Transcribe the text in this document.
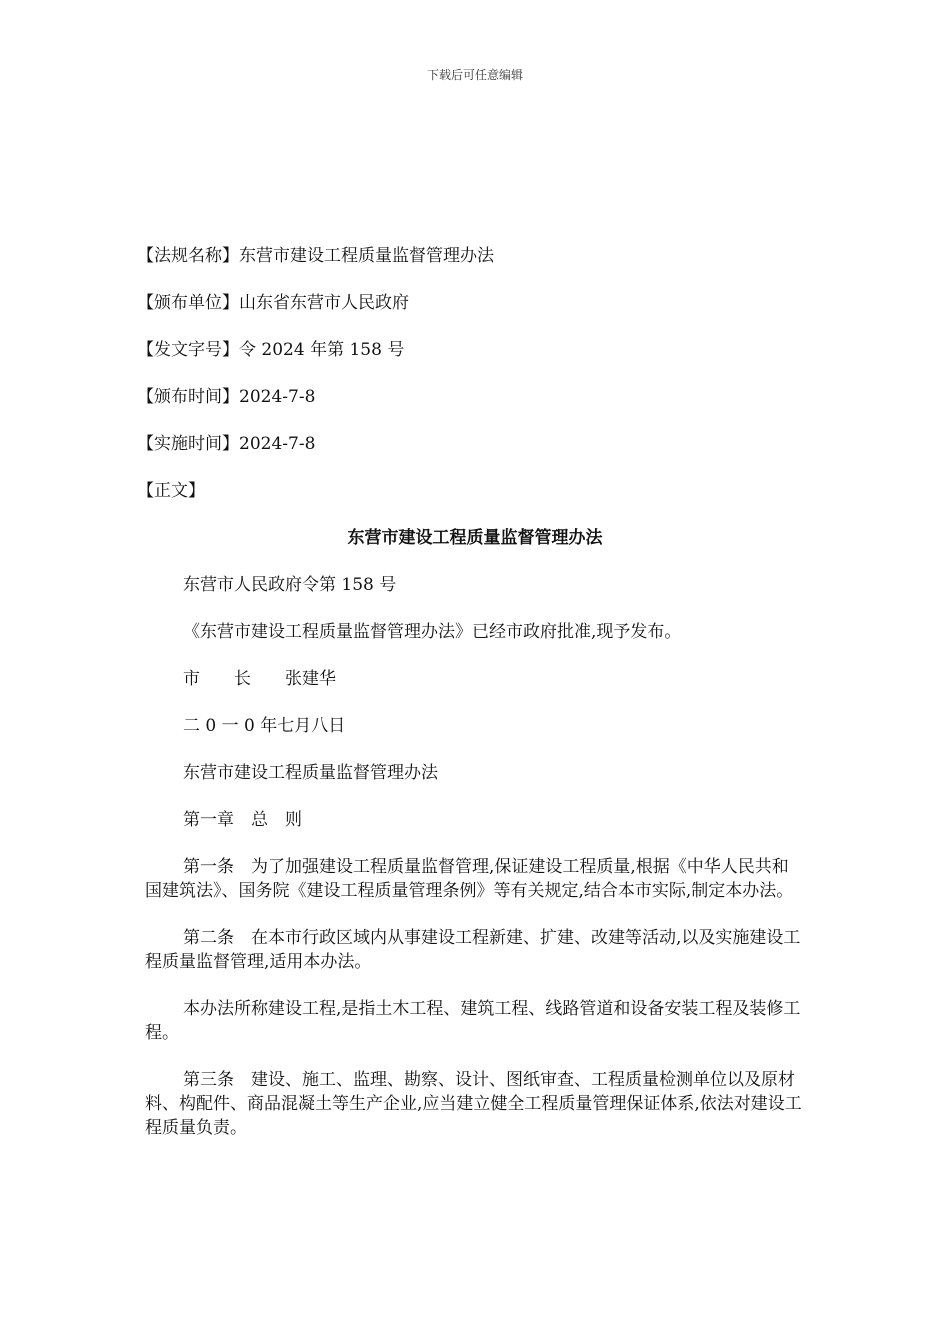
下载后可任意编辑
【法规名称】东营市建设工程质量监督管理办法
【颁布单位】山东省东营市人民政府
【发文字号】令 2024 年第 158 号
【颁布时间】2024-7-8
【实施时间】2024-7-8
【正文】
东营市建设工程质量监督管理办法

东营市人民政府令第 158 号

《东营市建设工程质量监督管理办法》已经市政府批准,现予发布。

市　　长　　张建华

二 0 一 0 年七月八日

东营市建设工程质量监督管理办法

第一章　总　则

第一条　为了加强建设工程质量监督管理,保证建设工程质量,根据《中华人民共和国建筑法》、国务院《建设工程质量管理条例》等有关规定,结合本市实际,制定本办法。

第二条　在本市行政区域内从事建设工程新建、扩建、改建等活动,以及实施建设工程质量监督管理,适用本办法。

本办法所称建设工程,是指土木工程、建筑工程、线路管道和设备安装工程及装修工程。

第三条　建设、施工、监理、勘察、设计、图纸审查、工程质量检测单位以及原材料、构配件、商品混凝土等生产企业,应当建立健全工程质量管理保证体系,依法对建设工程质量负责。
